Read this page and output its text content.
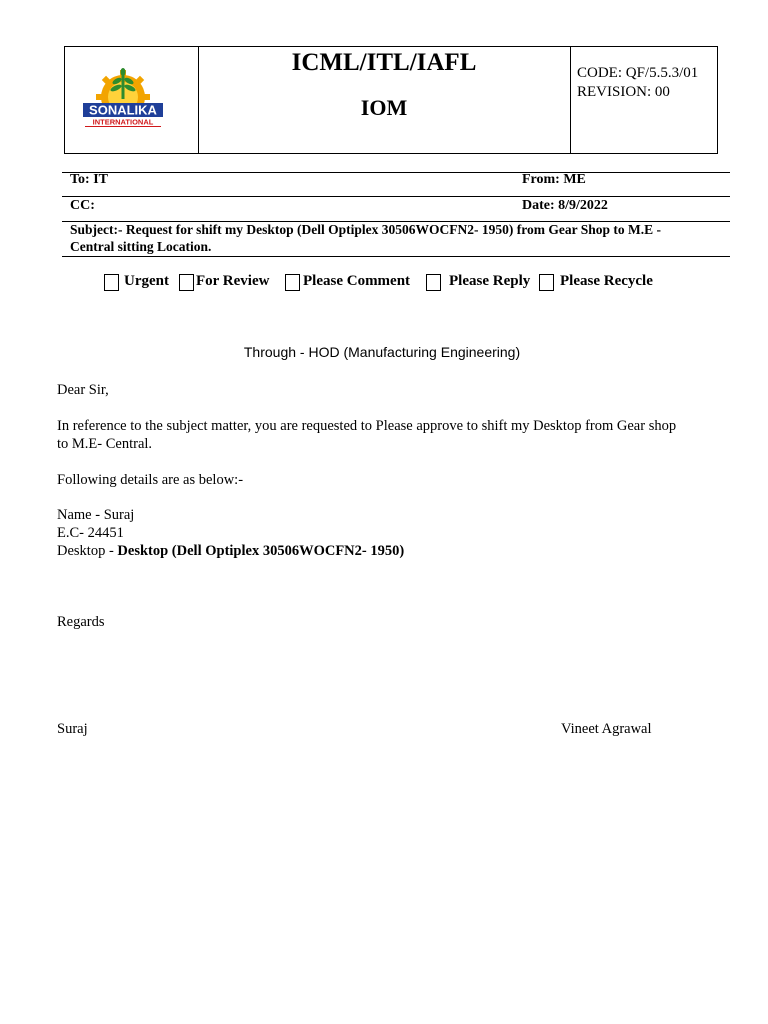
SONALIKA
INTERNATIONAL
ICML/ITL/IAFL
IOM
CODE: QF/5.5.3/01
REVISION: 00
To: IT	From: ME
CC:	Date: 8/9/2022
Subject:- Request for shift my Desktop (Dell Optiplex 30506WOCFN2- 1950) from Gear Shop to M.E -
Central sitting Location.
Urgent For Review Please Comment	Please Reply Please Recycle
Through - HOD (Manufacturing Engineering)
Dear Sir,
In reference to the subject matter, you are requested to Please approve to shift my Desktop from Gear shop
to M.E- Central.
Following details are as below:-
Name - Suraj
E.C- 24451
Desktop - Desktop (Dell Optiplex 30506WOCFN2- 1950)
Regards
Suraj	Vineet Agrawal
